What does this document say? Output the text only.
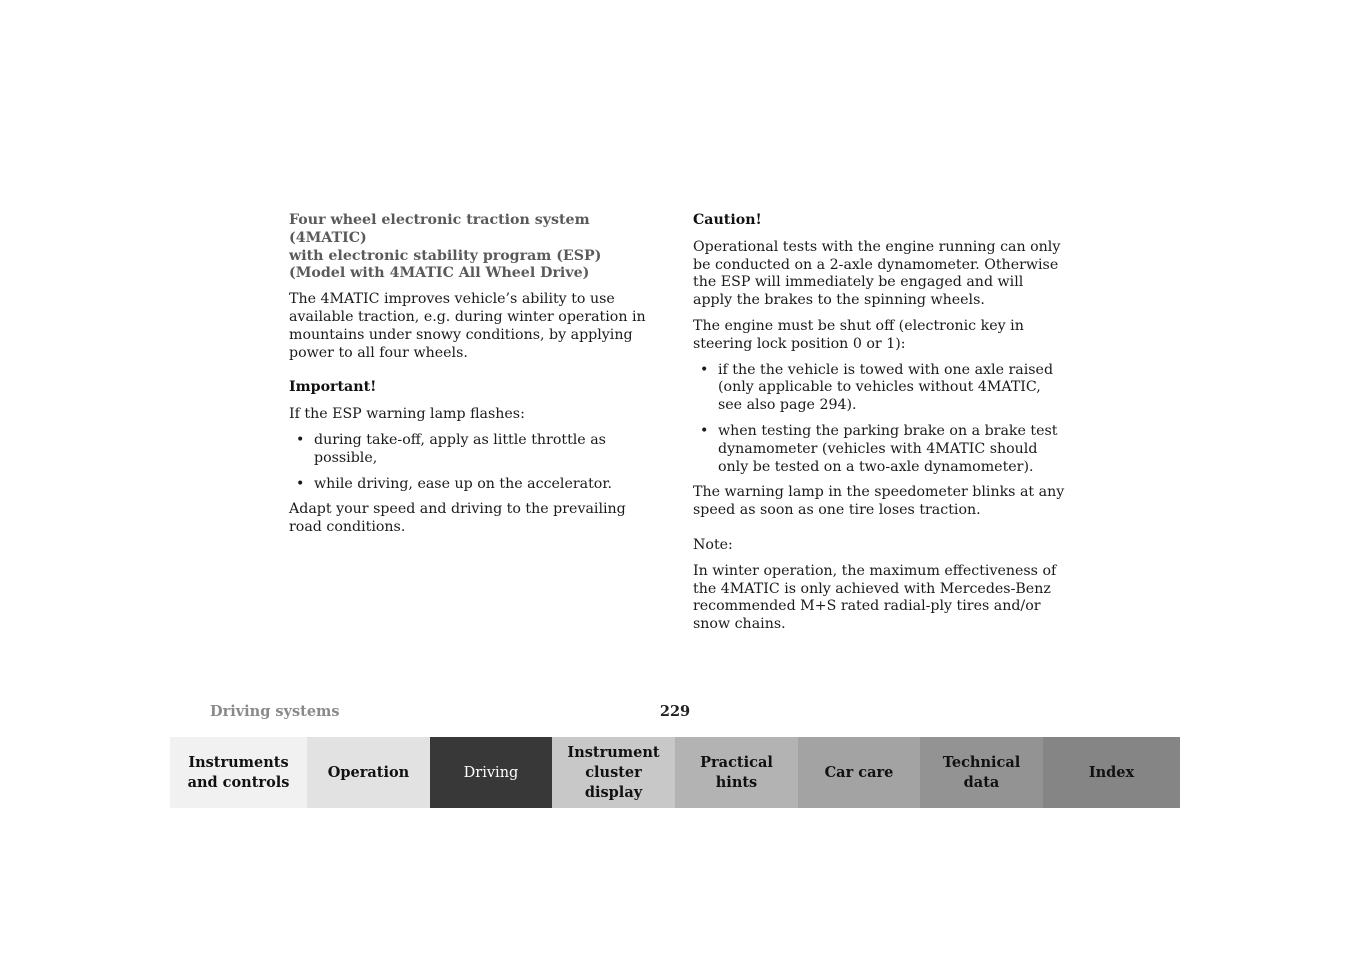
Four wheel electronic traction system (4MATIC)
with electronic stability program (ESP)
(Model with 4MATIC All Wheel Drive)

The 4MATIC improves vehicle’s ability to use available traction, e.g. during winter operation in mountains under snowy conditions, by applying power to all four wheels.

Important!

If the ESP warning lamp flashes:

• during take-off, apply as little throttle as possible,
• while driving, ease up on the accelerator.

Adapt your speed and driving to the prevailing road conditions.

Caution!

Operational tests with the engine running can only be conducted on a 2-axle dynamometer. Otherwise the ESP will immediately be engaged and will apply the brakes to the spinning wheels.

The engine must be shut off (electronic key in steering lock position 0 or 1):

• if the the vehicle is towed with one axle raised (only applicable to vehicles without 4MATIC, see also page 294).
• when testing the parking brake on a brake test dynamometer (vehicles with 4MATIC should only be tested on a two-axle dynamometer).

The warning lamp in the speedometer blinks at any speed as soon as one tire loses traction.

Note:

In winter operation, the maximum effectiveness of the 4MATIC is only achieved with Mercedes-Benz recommended M+S rated radial-ply tires and/or snow chains.

Driving systems	229
Instruments
and controls
Operation	Driving
Instrument
cluster display
Practical hints
Car care
Technical
data
Index
